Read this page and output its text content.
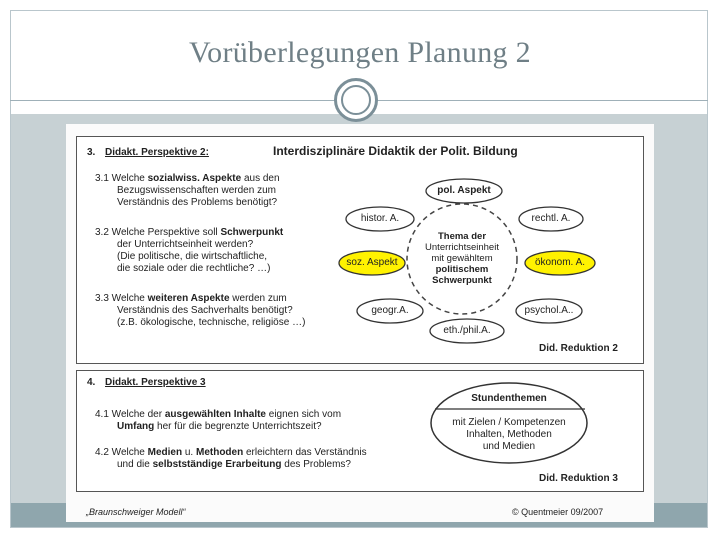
Vorüberlegungen Planung 2
3. Didakt. Perspektive 2:	Interdisziplinäre Didaktik der Polit. Bildung
3.1 Welche sozialwiss. Aspekte aus den
Bezugswissenschaften werden zum
Verständnis des Problems benötigt?
3.2 Welche Perspektive soll Schwerpunkt
der Unterrichtseinheit werden?
(Die politische, die wirtschaftliche,
die soziale oder die rechtliche? …)
3.3 Welche weiteren Aspekte werden zum
Verständnis des Sachverhalts benötigt?
(z.B. ökologische, technische, religiöse …)
Thema der
Unterrichtseinheit
mit gewähltem
politischem
Schwerpunkt
pol. Aspekt
histor. A.	rechtl. A.
soz. Aspekt	ökonom. A.
geogr.A.	psychol.A..
eth./phil.A.
Did. Reduktion 2
4. Didakt. Perspektive 3
4.1 Welche der ausgewählten Inhalte eignen sich vom
Umfang her für die begrenzte Unterrichtszeit?
4.2 Welche Medien u. Methoden erleichtern das Verständnis
und die selbstständige Erarbeitung des Problems?
Stundenthemen
mit Zielen / Kompetenzen
Inhalten, Methoden
und Medien
Did. Reduktion 3
„Braunschweiger Modell“	© Quentmeier 09/2007
